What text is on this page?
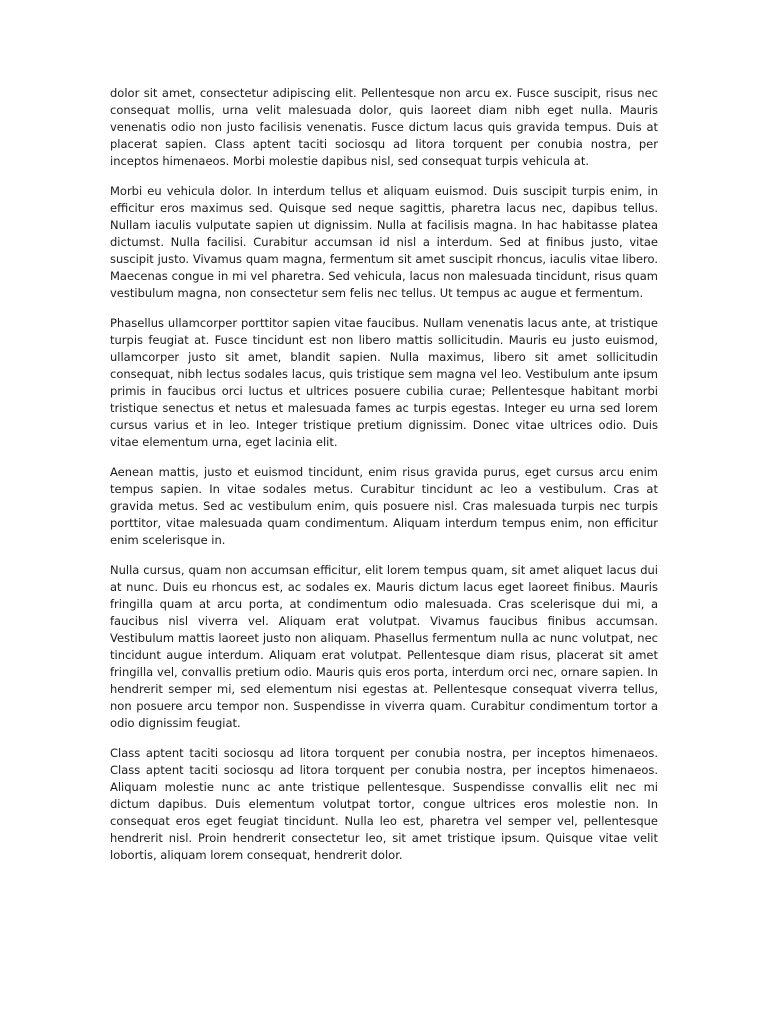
dolor sit amet, consectetur adipiscing elit. Pellentesque non arcu ex. Fusce suscipit, risus nec consequat mollis, urna velit malesuada dolor, quis laoreet diam nibh eget nulla. Mauris venenatis odio non justo facilisis venenatis. Fusce dictum lacus quis gravida tempus. Duis at placerat sapien. Class aptent taciti sociosqu ad litora torquent per conubia nostra, per inceptos himenaeos. Morbi molestie dapibus nisl, sed consequat turpis vehicula at.

Morbi eu vehicula dolor. In interdum tellus et aliquam euismod. Duis suscipit turpis enim, in efficitur eros maximus sed. Quisque sed neque sagittis, pharetra lacus nec, dapibus tellus. Nullam iaculis vulputate sapien ut dignissim. Nulla at facilisis magna. In hac habitasse platea dictumst. Nulla facilisi. Curabitur accumsan id nisl a interdum. Sed at finibus justo, vitae suscipit justo. Vivamus quam magna, fermentum sit amet suscipit rhoncus, iaculis vitae libero. Maecenas congue in mi vel pharetra. Sed vehicula, lacus non malesuada tincidunt, risus quam vestibulum magna, non consectetur sem felis nec tellus. Ut tempus ac augue et fermentum.

Phasellus ullamcorper porttitor sapien vitae faucibus. Nullam venenatis lacus ante, at tristique turpis feugiat at. Fusce tincidunt est non libero mattis sollicitudin. Mauris eu justo euismod, ullamcorper justo sit amet, blandit sapien. Nulla maximus, libero sit amet sollicitudin consequat, nibh lectus sodales lacus, quis tristique sem magna vel leo. Vestibulum ante ipsum primis in faucibus orci luctus et ultrices posuere cubilia curae; Pellentesque habitant morbi tristique senectus et netus et malesuada fames ac turpis egestas. Integer eu urna sed lorem cursus varius et in leo. Integer tristique pretium dignissim. Donec vitae ultrices odio. Duis vitae elementum urna, eget lacinia elit.

Aenean mattis, justo et euismod tincidunt, enim risus gravida purus, eget cursus arcu enim tempus sapien. In vitae sodales metus. Curabitur tincidunt ac leo a vestibulum. Cras at gravida metus. Sed ac vestibulum enim, quis posuere nisl. Cras malesuada turpis nec turpis porttitor, vitae malesuada quam condimentum. Aliquam interdum tempus enim, non efficitur enim scelerisque in.

Nulla cursus, quam non accumsan efficitur, elit lorem tempus quam, sit amet aliquet lacus dui at nunc. Duis eu rhoncus est, ac sodales ex. Mauris dictum lacus eget laoreet finibus. Mauris fringilla quam at arcu porta, at condimentum odio malesuada. Cras scelerisque dui mi, a faucibus nisl viverra vel. Aliquam erat volutpat. Vivamus faucibus finibus accumsan. Vestibulum mattis laoreet justo non aliquam. Phasellus fermentum nulla ac nunc volutpat, nec tincidunt augue interdum. Aliquam erat volutpat. Pellentesque diam risus, placerat sit amet fringilla vel, convallis pretium odio. Mauris quis eros porta, interdum orci nec, ornare sapien. In hendrerit semper mi, sed elementum nisi egestas at. Pellentesque consequat viverra tellus, non posuere arcu tempor non. Suspendisse in viverra quam. Curabitur condimentum tortor a odio dignissim feugiat.

Class aptent taciti sociosqu ad litora torquent per conubia nostra, per inceptos himenaeos. Class aptent taciti sociosqu ad litora torquent per conubia nostra, per inceptos himenaeos. Aliquam molestie nunc ac ante tristique pellentesque. Suspendisse convallis elit nec mi dictum dapibus. Duis elementum volutpat tortor, congue ultrices eros molestie non. In consequat eros eget feugiat tincidunt. Nulla leo est, pharetra vel semper vel, pellentesque hendrerit nisl. Proin hendrerit consectetur leo, sit amet tristique ipsum. Quisque vitae velit lobortis, aliquam lorem consequat, hendrerit dolor.
